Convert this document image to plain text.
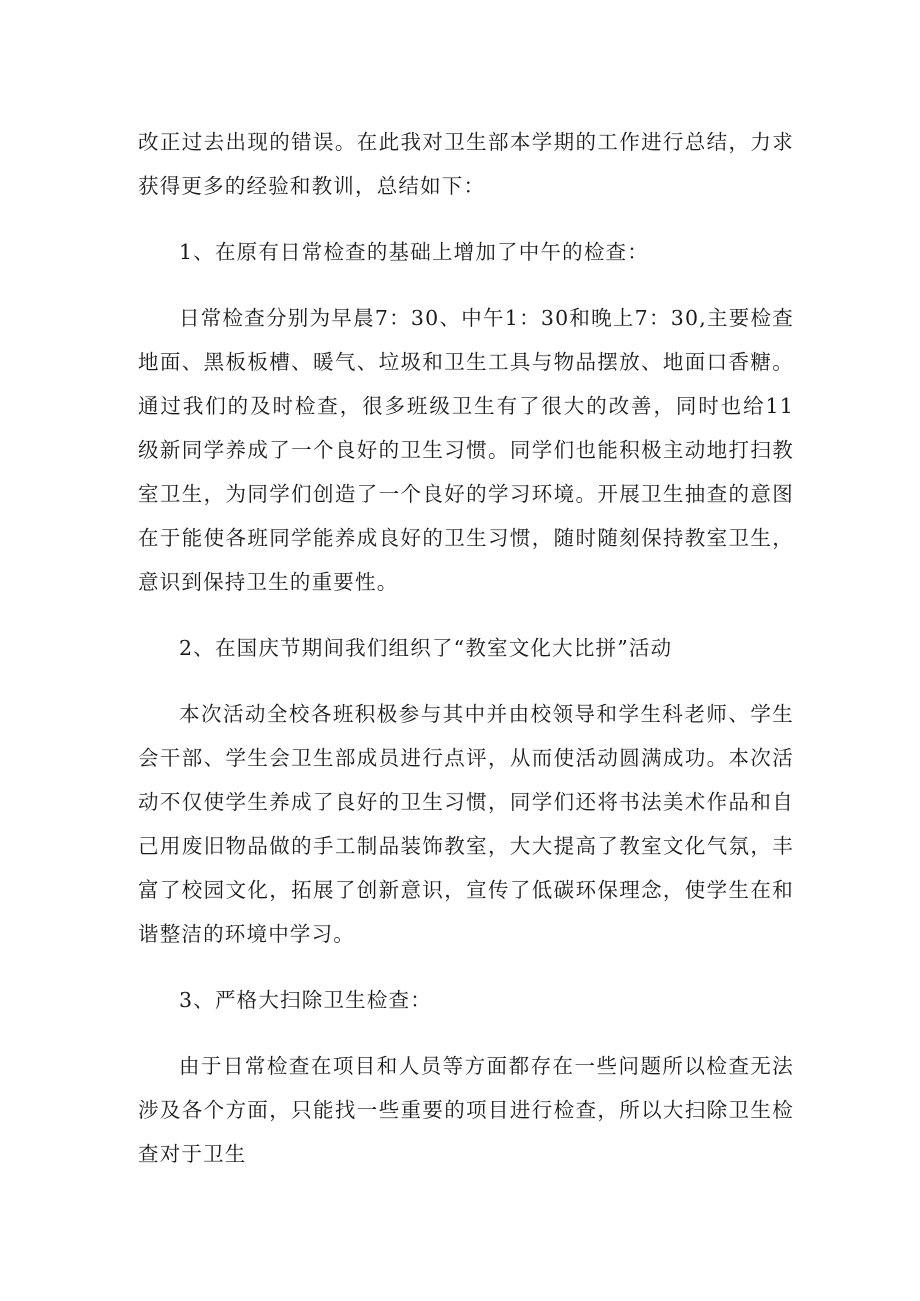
改正过去出现的错误。在此我对卫生部本学期的工作进行总结，力求获得更多的经验和教训，总结如下：

1、在原有日常检查的基础上增加了中午的检查：

日常检查分别为早晨7：30、中午1：30和晚上7：30,主要检查地面、黑板板槽、暖气、垃圾和卫生工具与物品摆放、地面口香糖。通过我们的及时检查，很多班级卫生有了很大的改善，同时也给11级新同学养成了一个良好的卫生习惯。同学们也能积极主动地打扫教室卫生，为同学们创造了一个良好的学习环境。开展卫生抽查的意图在于能使各班同学能养成良好的卫生习惯，随时随刻保持教室卫生，意识到保持卫生的重要性。

2、在国庆节期间我们组织了“教室文化大比拼”活动

本次活动全校各班积极参与其中并由校领导和学生科老师、学生会干部、学生会卫生部成员进行点评，从而使活动圆满成功。本次活动不仅使学生养成了良好的卫生习惯，同学们还将书法美术作品和自己用废旧物品做的手工制品装饰教室，大大提高了教室文化气氛，丰富了校园文化，拓展了创新意识，宣传了低碳环保理念，使学生在和谐整洁的环境中学习。

3、严格大扫除卫生检查：

由于日常检查在项目和人员等方面都存在一些问题所以检查无法涉及各个方面，只能找一些重要的项目进行检查，所以大扫除卫生检查对于卫生
